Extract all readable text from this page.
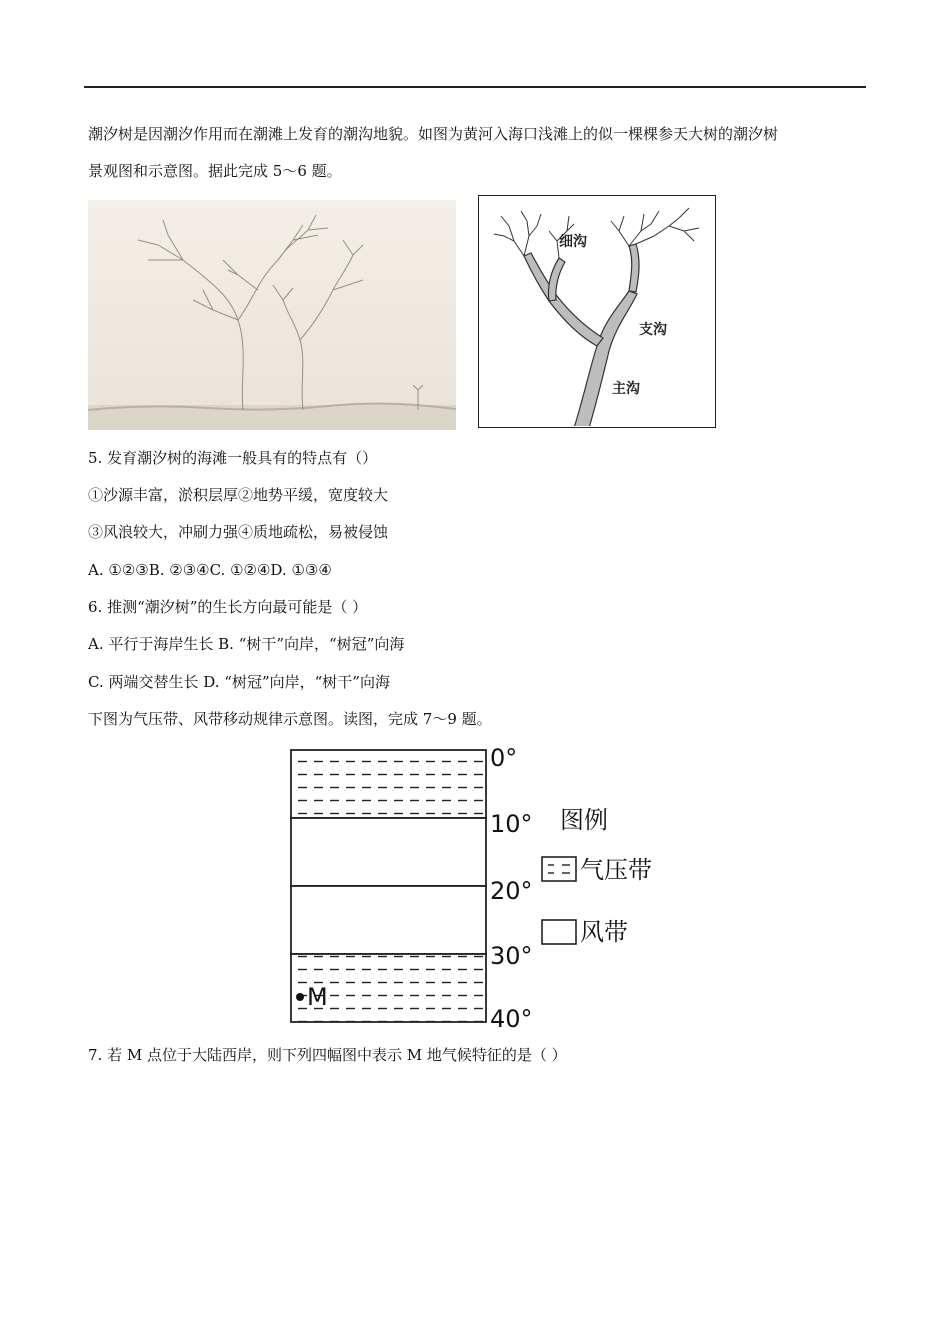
潮汐树是因潮汐作用而在潮滩上发育的潮沟地貌。如图为黄河入海口浅滩上的似一棵棵参天大树的潮汐树
景观图和示意图。据此完成 5～6 题。
细沟
支沟
主沟
5. 发育潮汐树的海滩一般具有的特点有（）
①沙源丰富，淤积层厚②地势平缓，宽度较大
③风浪较大，冲刷力强④质地疏松，易被侵蚀
A. ①②③B. ②③④C. ①②④D. ①③④
6. 推测“潮汐树”的生长方向最可能是（ ）
A. 平行于海岸生长 B. “树干”向岸，“树冠”向海
C. 两端交替生长 D. “树冠”向岸，“树干”向海
下图为气压带、风带移动规律示意图。读图，完成 7～9 题。
0°
10°
20°
30°
40°
图例
气压带
风带
M
7. 若 M 点位于大陆西岸，则下列四幅图中表示 M 地气候特征的是（ ）
